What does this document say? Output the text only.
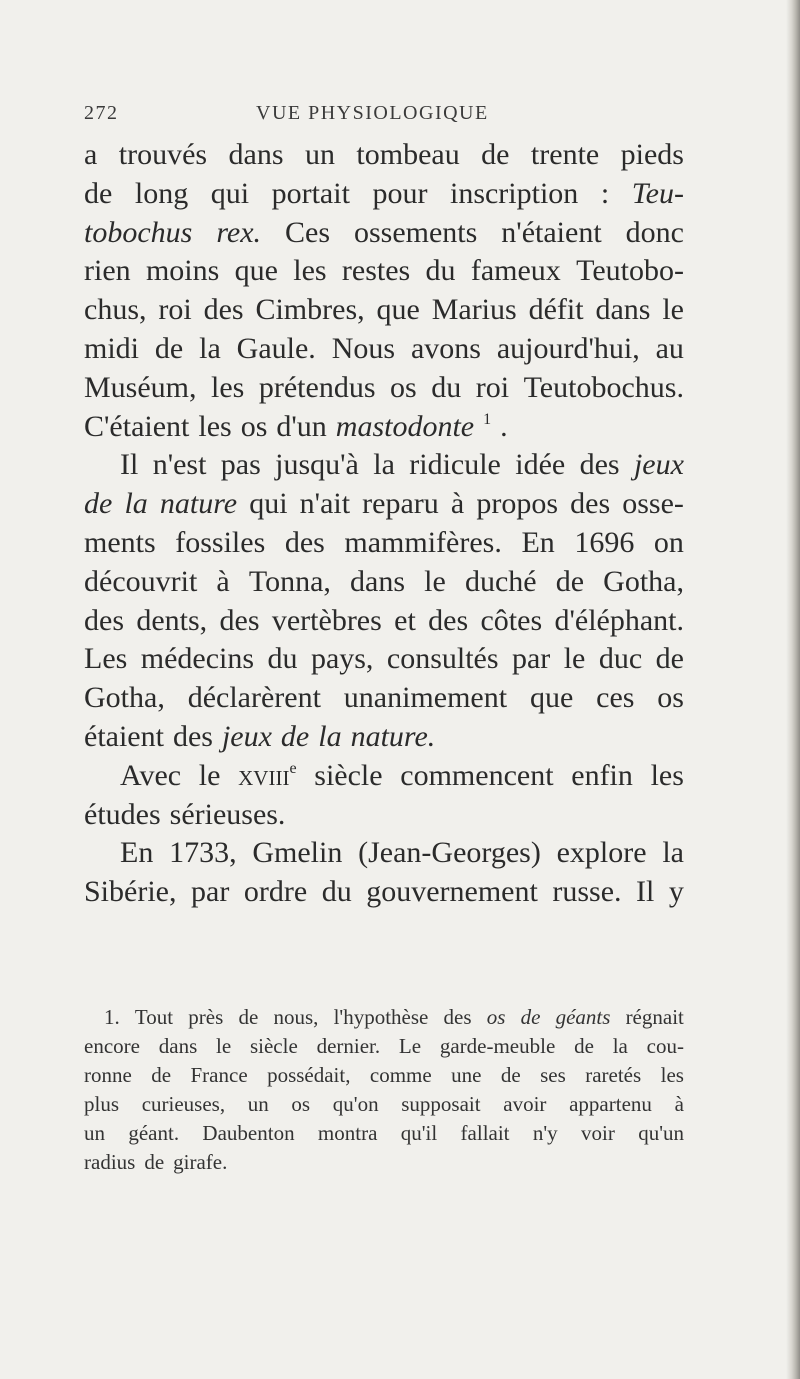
272	VUE PHYSIOLOGIQUE
a trouvés dans un tombeau de trente pieds
de long qui portait pour inscription : Teu-
tobochus rex. Ces ossements n'étaient donc
rien moins que les restes du fameux Teutobo-
chus, roi des Cimbres, que Marius défit dans le
midi de la Gaule. Nous avons aujourd'hui, au
Muséum, les prétendus os du roi Teutobochus.
C'étaient les os d'un mastodonte $^1$ .
Il n'est pas jusqu'à la ridicule idée des jeux
de la nature qui n'ait reparu à propos des osse-
ments fossiles des mammifères. En 1696 on
découvrit à Tonna, dans le duché de Gotha,
des dents, des vertèbres et des côtes d'éléphant.
Les médecins du pays, consultés par le duc de
Gotha, déclarèrent unanimement que ces os
étaient des jeux de la nature.
Avec le xviii$^e$ siècle commencent enfin les
études sérieuses.
En 1733, Gmelin (Jean-Georges) explore la
Sibérie, par ordre du gouvernement russe. Il y
1. Tout près de nous, l'hypothèse des os de géants régnait
encore dans le siècle dernier. Le garde-meuble de la cou-
ronne de France possédait, comme une de ses raretés les
plus curieuses, un os qu'on supposait avoir appartenu à
un géant. Daubenton montra qu'il fallait n'y voir qu'un
radius de girafe.
